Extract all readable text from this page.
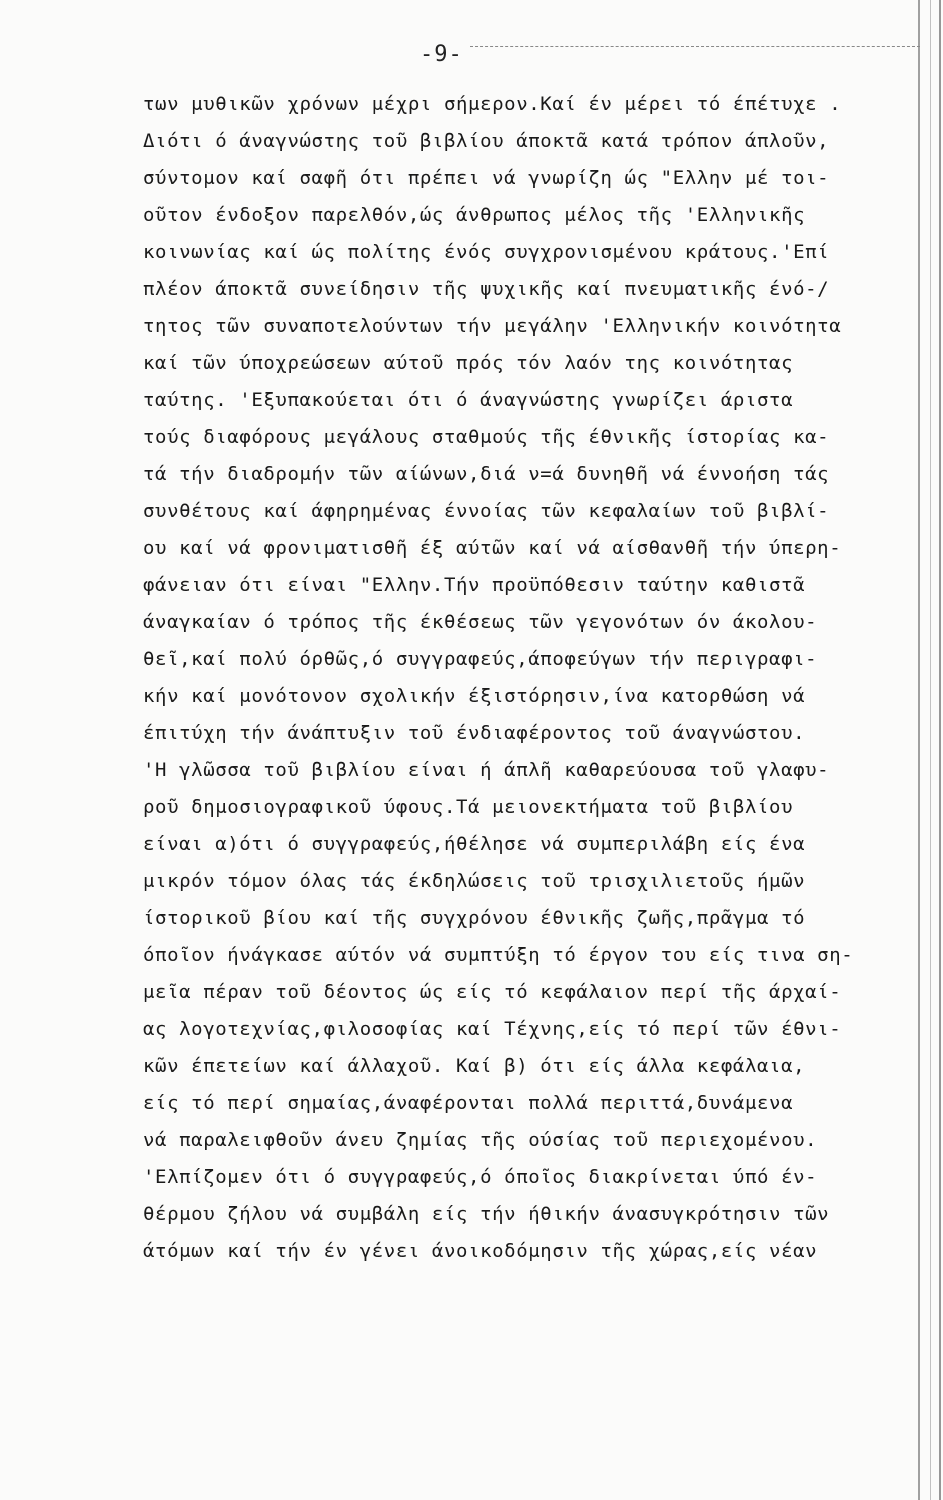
-9-
των μυθικῶν χρόνων μέχρι σήμερον.Καί έν μέρει τό έπέτυχε .
Διότι ό άναγνώστης τοῦ βιβλίου άποκτᾶ κατά τρόπον άπλοῦν,
σύντομον καί σαφῆ ότι πρέπει νά γνωρίζη ώς "Ελλην μέ τοι-
οῦτον ένδοξον παρελθόν,ώς άνθρωπος μέλος τῆς 'Ελληνικῆς
κοινωνίας καί ώς πολίτης ένός συγχρονισμένου κράτους.'Επί
πλέον άποκτᾶ συνείδησιν τῆς ψυχικῆς καί πνευματικῆς ένό-/
τητος τῶν συναποτελούντων τήν μεγάλην 'Ελληνικήν κοινότητα
καί τῶν ύποχρεώσεων αύτοῦ πρός τόν λαόν της κοινότητας
ταύτης. 'Εξυπακούεται ότι ό άναγνώστης γνωρίζει άριστα
τούς διαφόρους μεγάλους σταθμούς τῆς έθνικῆς ίστορίας κα-
τά τήν διαδρομήν τῶν αίώνων,διά ν=ά δυνηθῆ νά έννοήση τάς
συνθέτους καί άφηρημένας έννοίας τῶν κεφαλαίων τοῦ βιβλί-
ου καί νά φρονιματισθῆ έξ αύτῶν καί νά αίσθανθῆ τήν ύπερη-
φάνειαν ότι είναι "Ελλην.Τήν προϋπόθεσιν ταύτην καθιστᾶ
άναγκαίαν ό τρόπος τῆς έκθέσεως τῶν γεγονότων όν άκολου-
θεῖ,καί πολύ όρθῶς,ό συγγραφεύς,άποφεύγων τήν περιγραφι-
κήν καί μονότονον σχολικήν έξιστόρησιν,ίνα κατορθώση νά
έπιτύχη τήν άνάπτυξιν τοῦ ένδιαφέροντος τοῦ άναγνώστου.
'Η γλῶσσα τοῦ βιβλίου είναι ή άπλῆ καθαρεύουσα τοῦ γλαφυ-
ροῦ δημοσιογραφικοῦ ύφους.Τά μειονεκτήματα τοῦ βιβλίου
είναι α)ότι ό συγγραφεύς,ήθέλησε νά συμπεριλάβη είς ένα
μικρόν τόμον όλας τάς έκδηλώσεις τοῦ τρισχιλιετοῦς ήμῶν
ίστορικοῦ βίου καί τῆς συγχρόνου έθνικῆς ζωῆς,πρᾶγμα τό
όποῖον ήνάγκασε αύτόν νά συμπτύξη τό έργον του είς τινα ση-
μεῖα πέραν τοῦ δέοντος ώς είς τό κεφάλαιον περί τῆς άρχαί-
ας λογοτεχνίας,φιλοσοφίας καί Τέχνης,είς τό περί τῶν έθνι-
κῶν έπετείων καί άλλαχοῦ. Καί β) ότι είς άλλα κεφάλαια,
είς τό περί σημαίας,άναφέρονται πολλά περιττά,δυνάμενα
νά παραλειφθοῦν άνευ ζημίας τῆς ούσίας τοῦ περιεχομένου.
'Ελπίζομεν ότι ό συγγραφεύς,ό όποῖος διακρίνεται ύπό έν-
θέρμου ζήλου νά συμβάλη είς τήν ήθικήν άνασυγκρότησιν τῶν
άτόμων καί τήν έν γένει άνοικοδόμησιν τῆς χώρας,είς νέαν
